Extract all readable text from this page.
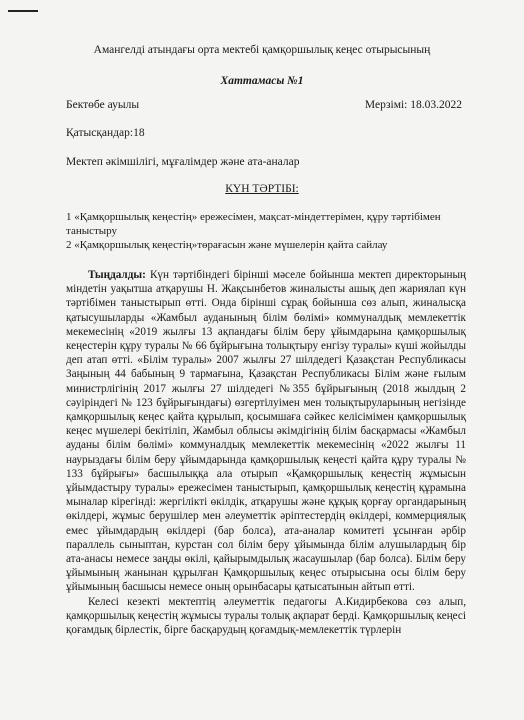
Амангелді атындағы орта мектебі қамқоршылық кеңес отырысының
Хаттамасы №1
Бектөбе ауылы	Мерзімі: 18.03.2022
Қатысқандар:18
Мектеп әкімшілігі, мұғалімдер және ата-аналар
КҮН ТӘРТІБІ:
1 «Қамқоршылық кеңестің» ережесімен, мақсат-міндеттерімен, құру тәртібімен таныстыру
2 «Қамқоршылық кеңестің»төрағасын және мүшелерін қайта сайлау

Тыңдалды: Күн тәртібіндегі бірінші мәселе бойынша мектеп директорының міндетін уақытша атқарушы Н. Жақсынбетов жиналысты ашық деп жариялап күн тәртібімен таныстырып өтті. Онда бірінші сұрақ бойынша сөз алып, жиналысқа қатысушыларды «Жамбыл ауданының білім бөлімі» коммуналдық мемлекеттік мекемесінің «2019 жылғы 13 ақпандағы білім беру ұйымдарына қамқоршылық кеңестерін құру туралы № 66 бұйрығына толықтыру енгізу туралы» күші жойылды деп атап өтті. «Білім туралы» 2007 жылғы 27 шілдедегі Қазақстан Республикасы Заңының 44 бабының 9 тармағына, Қазақстан Республикасы Білім және ғылым министрлігінің 2017 жылғы 27 шілдедегі №355 бұйрығының (2018 жылдың 2 сәуіріндегі № 123 бұйрығындағы) өзгертілуімен мен толықтыруларының негізінде қамқоршылық кеңес қайта құрылып, қосымшаға сәйкес келісімімен қамқоршылық кеңес мүшелері бекітіліп, Жамбыл облысы әкімдігінің білім басқармасы «Жамбыл ауданы білім бөлімі» коммуналдық мемлекеттік мекемесінің «2022 жылғы 11 наурыздағы білім беру ұйымдарында қамқоршылық кеңесті қайта құру туралы № 133 бұйрығы» басшылыққа ала отырып «Қамқоршылық кеңестің жұмысын ұйымдастыру туралы» ережесімен таныстырып, қамқоршылық кеңестің құрамына мыналар кірегінді: жергілікті өкілдік, атқарушы және құқық қорғау органдарының өкілдері, жұмыс берушілер мен әлеуметтік әріптестердің өкілдері, коммерциялық емес ұйымдардың өкілдері (бар болса), ата-аналар комитеті ұсынған әрбір параллель сыныптан, курстан сол білім беру ұйымында білім алушылардың бір ата-анасы немесе заңды өкілі, қайырымдылық жасаушылар (бар болса). Білім беру ұйымының жанынан құрылған Қамқоршылық кеңес отырысына осы білім беру ұйымының басшысы немесе оның орынбасары қатысатынын айтып өтті.

Келесі кезекті мектептің әлеуметтік педагогы А.Кидирбекова сөз алып, қамқоршылық кеңестің жұмысы туралы толық ақпарат берді. Қамқоршылық кеңесі қоғамдық бірлестік, бірге басқарудың қоғамдық-мемлекеттік түрлерін
